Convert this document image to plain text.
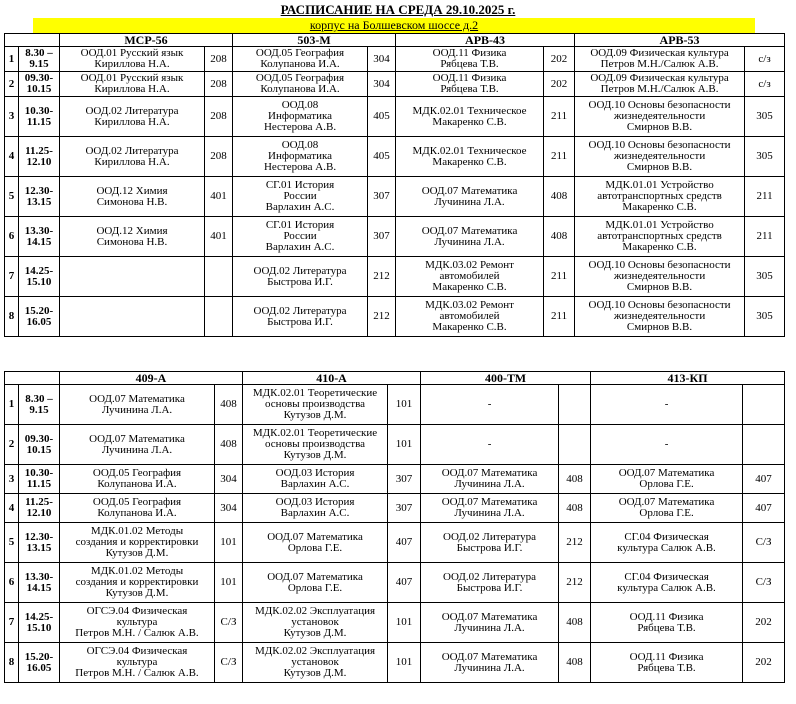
РАСПИСАНИЕ НА СРЕДА 29.10.2025 г.
корпус на Болшевском шоссе д.2
		МСР-56		503-М		АРВ-43		АРВ-53	
1	8.30 –
9.15	ООД.01 Русский язык
Кириллова Н.А.	208	ООД.05 География
Колупанова И.А.	304	ООД.11 Физика
Рябцева Т.В.	202	ООД.09 Физическая культура
Петров М.Н./Салюк А.В.	с/з
2	09.30-
10.15	ООД.01 Русский язык
Кириллова Н.А.	208	ООД.05 География
Колупанова И.А.	304	ООД.11 Физика
Рябцева Т.В.	202	ООД.09 Физическая культура
Петров М.Н./Салюк А.В.	с/з
3	10.30-
11.15	ООД.02 Литература
Кириллова Н.А.	208	ООД.08
Информатика
Нестерова А.В.	405	МДК.02.01 Техническое
Макаренко С.В.	211	ООД.10 Основы безопасности
жизнедеятельности
Смирнов В.В.	305
4	11.25-
12.10	ООД.02 Литература
Кириллова Н.А.	208	ООД.08
Информатика
Нестерова А.В.	405	МДК.02.01 Техническое
Макаренко С.В.	211	ООД.10 Основы безопасности
жизнедеятельности
Смирнов В.В.	305
5	12.30-
13.15	ООД.12 Химия
Симонова Н.В.	401	СГ.01 История
России
Варлахин А.С.	307	ООД.07 Математика
Лучинина Л.А.	408	МДК.01.01 Устройство
автотранспортных средств
Макаренко С.В.	211
6	13.30-
14.15	ООД.12 Химия
Симонова Н.В.	401	СГ.01 История
России
Варлахин А.С.	307	ООД.07 Математика
Лучинина Л.А.	408	МДК.01.01 Устройство
автотранспортных средств
Макаренко С.В.	211
7	14.25-
15.10			ООД.02 Литература
Быстрова И.Г.	212	МДК.03.02 Ремонт
автомобилей
Макаренко С.В.	211	ООД.10 Основы безопасности
жизнедеятельности
Смирнов В.В.	305
8	15.20-
16.05			ООД.02 Литература
Быстрова И.Г.	212	МДК.03.02 Ремонт
автомобилей
Макаренко С.В.	211	ООД.10 Основы безопасности
жизнедеятельности
Смирнов В.В.	305
		409-А		410-А		400-ТМ		413-КП	
1	8.30 –
9.15	ООД.07 Математика
Лучинина Л.А.	408	МДК.02.01 Теоретические
основы производства
Кутузов Д.М.	101	-		-	
2	09.30-
10.15	ООД.07 Математика
Лучинина Л.А.	408	МДК.02.01 Теоретические
основы производства
Кутузов Д.М.	101	-		-	
3	10.30-
11.15	ООД.05 География
Колупанова И.А.	304	ООД.03 История
Варлахин А.С.	307	ООД.07 Математика
Лучинина Л.А.	408	ООД.07 Математика
Орлова Г.Е.	407
4	11.25-
12.10	ООД.05 География
Колупанова И.А.	304	ООД.03 История
Варлахин А.С.	307	ООД.07 Математика
Лучинина Л.А.	408	ООД.07 Математика
Орлова Г.Е.	407
5	12.30-
13.15	МДК.01.02 Методы
создания и корректировки
Кутузов Д.М.	101	ООД.07 Математика
Орлова Г.Е.	407	ООД.02 Литература
Быстрова И.Г.	212	СГ.04 Физическая
культура Салюк А.В.	С/З
6	13.30-
14.15	МДК.01.02 Методы
создания и корректировки
Кутузов Д.М.	101	ООД.07 Математика
Орлова Г.Е.	407	ООД.02 Литература
Быстрова И.Г.	212	СГ.04 Физическая
культура Салюк А.В.	С/З
7	14.25-
15.10	ОГСЭ.04 Физическая
культура
Петров М.Н. / Салюк А.В.	С/З	МДК.02.02 Эксплуатация
установок
Кутузов Д.М.	101	ООД.07 Математика
Лучинина Л.А.	408	ООД.11 Физика
Рябцева Т.В.	202
8	15.20-
16.05	ОГСЭ.04 Физическая
культура
Петров М.Н. / Салюк А.В.	С/З	МДК.02.02 Эксплуатация
установок
Кутузов Д.М.	101	ООД.07 Математика
Лучинина Л.А.	408	ООД.11 Физика
Рябцева Т.В.	202
